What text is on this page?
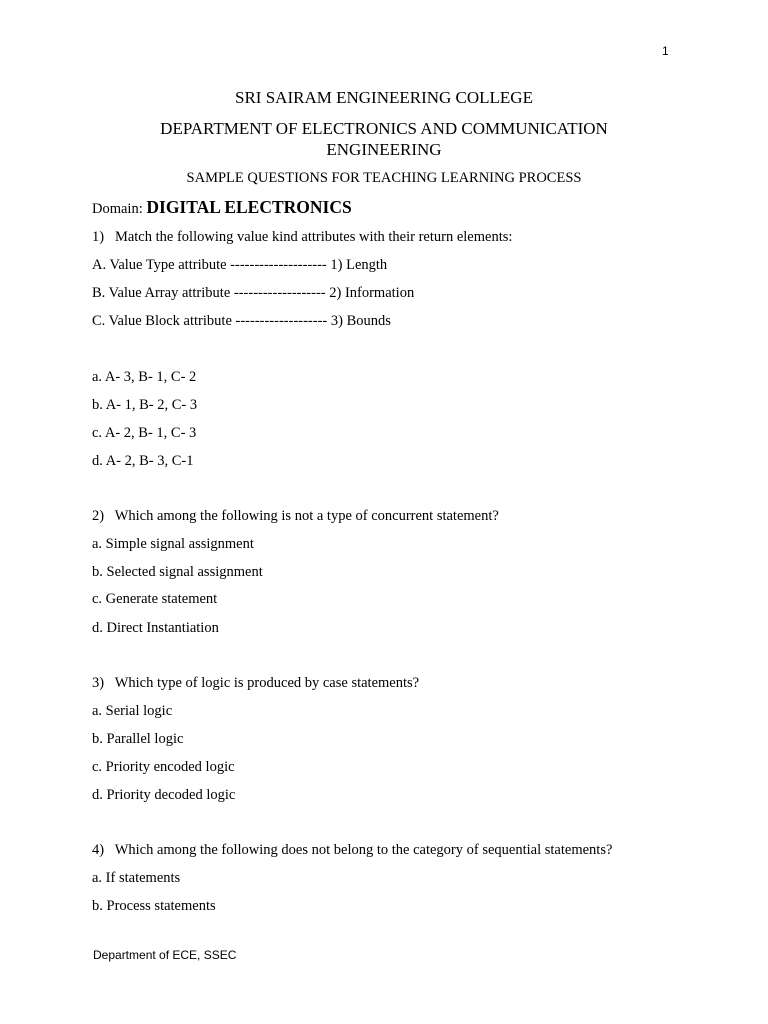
1
SRI SAIRAM ENGINEERING COLLEGE
DEPARTMENT OF ELECTRONICS AND COMMUNICATION
ENGINEERING
SAMPLE QUESTIONS FOR TEACHING LEARNING PROCESS
Domain: DIGITAL ELECTRONICS
1)   Match the following value kind attributes with their return elements:
A. Value Type attribute -------------------- 1) Length
B. Value Array attribute ------------------- 2) Information
C. Value Block attribute ------------------- 3) Bounds
a. A- 3, B- 1, C- 2
b. A- 1, B- 2, C- 3
c. A- 2, B- 1, C- 3
d. A- 2, B- 3, C-1
2)   Which among the following is not a type of concurrent statement?
a. Simple signal assignment
b. Selected signal assignment
c. Generate statement
d. Direct Instantiation
3)   Which type of logic is produced by case statements?
a. Serial logic
b. Parallel logic
c. Priority encoded logic
d. Priority decoded logic
4)   Which among the following does not belong to the category of sequential statements?
a. If statements
b. Process statements
Department of ECE, SSEC
